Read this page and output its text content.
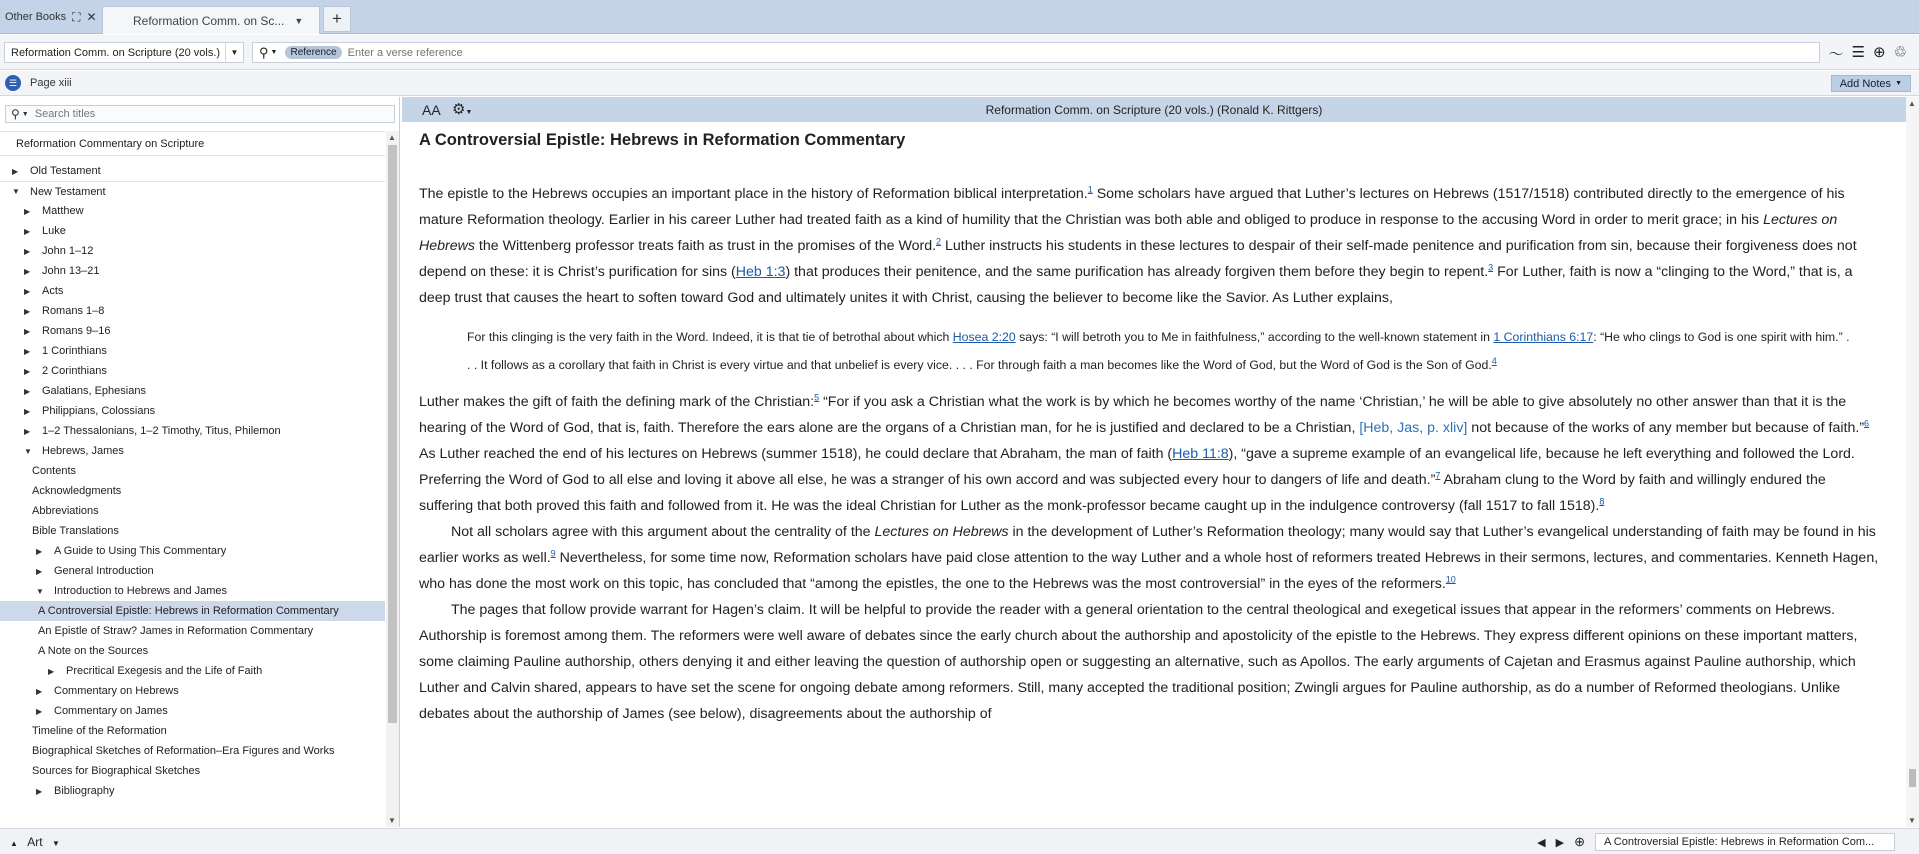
Other Books ⛶ ✕	Reformation Comm. on Sc... ▼	+
Reformation Comm. on Scripture (20 vols.)	▼	⚲ ▼	Reference
Enter a verse reference	〜 ☰ ⊕ ♲
☰	Page xiii	Add Notes ▼
⚲ ▼ Search titles
Reformation Commentary on Scripture
▶	Old Testament
▼ New Testament
▶	Matthew
▶	Luke
▶	John 1–12
▶	John 13–21
▶	Acts
▶	Romans 1–8
▶	Romans 9–16
▶	1 Corinthians
▶	2 Corinthians
▶	Galatians, Ephesians
▶	Philippians, Colossians
▶	1–2 Thessalonians, 1–2 Timothy, Titus, Philemon
▼ Hebrews, James
Contents
Acknowledgments
Abbreviations
Bible Translations
▶	A Guide to Using This Commentary
▶	General Introduction
▼ Introduction to Hebrews and James
A Controversial Epistle: Hebrews in Reformation Commentary
An Epistle of Straw? James in Reformation Commentary
A Note on the Sources
▶	Precritical Exegesis and the Life of Faith
▶	Commentary on Hebrews
▶	Commentary on James
Timeline of the Reformation
Biographical Sketches of Reformation–Era Figures and Works
Sources for Biographical Sketches
▶	Bibliography
▲
▼
AA ⚙▼	Reformation Comm. on Scripture (20 vols.) (Ronald K. Rittgers)
A Controversial Epistle: Hebrews in Reformation Commentary

The epistle to the Hebrews occupies an important place in the history of Reformation biblical interpretation.$^1$ Some scholars have argued that Luther’s lectures on Hebrews (1517/1518) contributed directly to the emergence of his mature Reformation theology. Earlier in his career Luther had treated faith as a kind of humility that the Christian was both able and obliged to produce in response to the accusing Word in order to merit grace; in his Lectures on Hebrews the Wittenberg professor treats faith as trust in the promises of the Word.$^2$ Luther instructs his students in these lectures to despair of their self-made penitence and purification from sin, because their forgiveness does not depend on these: it is Christ’s purification for sins (Heb 1:3) that produces their penitence, and the same purification has already forgiven them before they begin to repent.$^3$ For Luther, faith is now a “clinging to the Word,” that is, a deep trust that causes the heart to soften toward God and ultimately unites it with Christ, causing the believer to become like the Savior. As Luther explains,

For this clinging is the very faith in the Word. Indeed, it is that tie of betrothal about which Hosea 2:20 says: “I will betroth you to Me in faithfulness,” according to the well-known statement in 1 Corinthians 6:17: “He who clings to God is one spirit with him.” . . . It follows as a corollary that faith in Christ is every virtue and that unbelief is every vice. . . . For through faith a man becomes like the Word of God, but the Word of God is the Son of God.$^4$

Luther makes the gift of faith the defining mark of the Christian:$^5$ “For if you ask a Christian what the work is by which he becomes worthy of the name ‘Christian,’ he will be able to give absolutely no other answer than that it is the hearing of the Word of God, that is, faith. Therefore the ears alone are the organs of a Christian man, for he is justified and declared to be a Christian, [Heb, Jas, p. xliv] not because of the works of any member but because of faith.”$^6$ As Luther reached the end of his lectures on Hebrews (summer 1518), he could declare that Abraham, the man of faith (Heb 11:8), “gave a supreme example of an evangelical life, because he left everything and followed the Lord. Preferring the Word of God to all else and loving it above all else, he was a stranger of his own accord and was subjected every hour to dangers of life and death.”$^7$ Abraham clung to the Word by faith and willingly endured the suffering that both proved this faith and followed from it. He was the ideal Christian for Luther as the monk-professor became caught up in the indulgence controversy (fall 1517 to fall 1518).$^8$

Not all scholars agree with this argument about the centrality of the Lectures on Hebrews in the development of Luther’s Reformation theology; many would say that Luther’s evangelical understanding of faith may be found in his earlier works as well.$^9$ Nevertheless, for some time now, Reformation scholars have paid close attention to the way Luther and a whole host of reformers treated Hebrews in their sermons, lectures, and commentaries. Kenneth Hagen, who has done the most work on this topic, has concluded that “among the epistles, the one to the Hebrews was the most controversial” in the eyes of the reformers.$^{10}$

The pages that follow provide warrant for Hagen’s claim. It will be helpful to provide the reader with a general orientation to the central theological and exegetical issues that appear in the reformers’ comments on Hebrews. Authorship is foremost among them. The reformers were well aware of debates since the early church about the authorship and apostolicity of the epistle to the Hebrews. They express different opinions on these important matters, some claiming Pauline authorship, others denying it and either leaving the question of authorship open or suggesting an alternative, such as Apollos. The early arguments of Cajetan and Erasmus against Pauline authorship, which Luther and Calvin shared, appears to have set the scene for ongoing debate among reformers. Still, many accepted the traditional position; Zwingli argues for Pauline authorship, as do a number of Reformed theologians. Unlike debates about the authorship of James (see below), disagreements about the authorship of

▲
▼
▲ Art ▼	◀ ▶ ⊕	A Controversial Epistle: Hebrews in Reformation Com...
